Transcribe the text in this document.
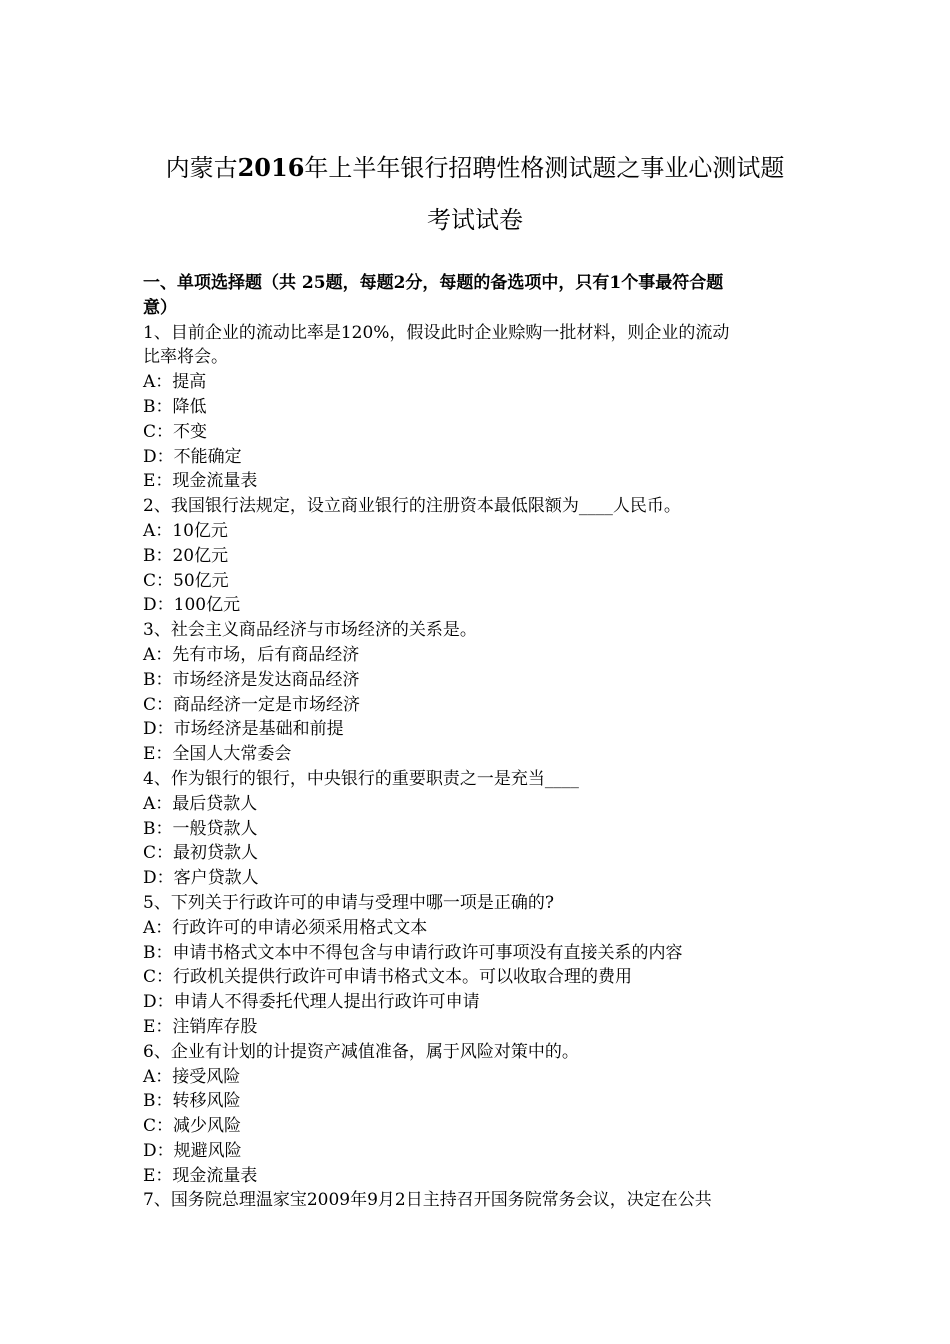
内蒙古2016年上半年银行招聘性格测试题之事业心测试题
考试试卷
一、单项选择题（共 25题，每题2分，每题的备选项中，只有1个事最符合题
意）
1、目前企业的流动比率是120%，假设此时企业赊购一批材料，则企业的流动
比率将会。
A：提高
B：降低
C：不变
D：不能确定
E：现金流量表
2、我国银行法规定，设立商业银行的注册资本最低限额为____人民币。
A：10亿元
B：20亿元
C：50亿元
D：100亿元
3、社会主义商品经济与市场经济的关系是。
A：先有市场，后有商品经济
B：市场经济是发达商品经济
C：商品经济一定是市场经济
D：市场经济是基础和前提
E：全国人大常委会
4、作为银行的银行，中央银行的重要职责之一是充当____
A：最后贷款人
B：一般贷款人
C：最初贷款人
D：客户贷款人
5、下列关于行政许可的申请与受理中哪一项是正确的?
A：行政许可的申请必须采用格式文本
B：申请书格式文本中不得包含与申请行政许可事项没有直接关系的内容
C：行政机关提供行政许可申请书格式文本。可以收取合理的费用
D：申请人不得委托代理人提出行政许可申请
E：注销库存股
6、企业有计划的计提资产减值准备，属于风险对策中的。
A：接受风险
B：转移风险
C：减少风险
D：规避风险
E：现金流量表
7、国务院总理温家宝2009年9月2日主持召开国务院常务会议，决定在公共
